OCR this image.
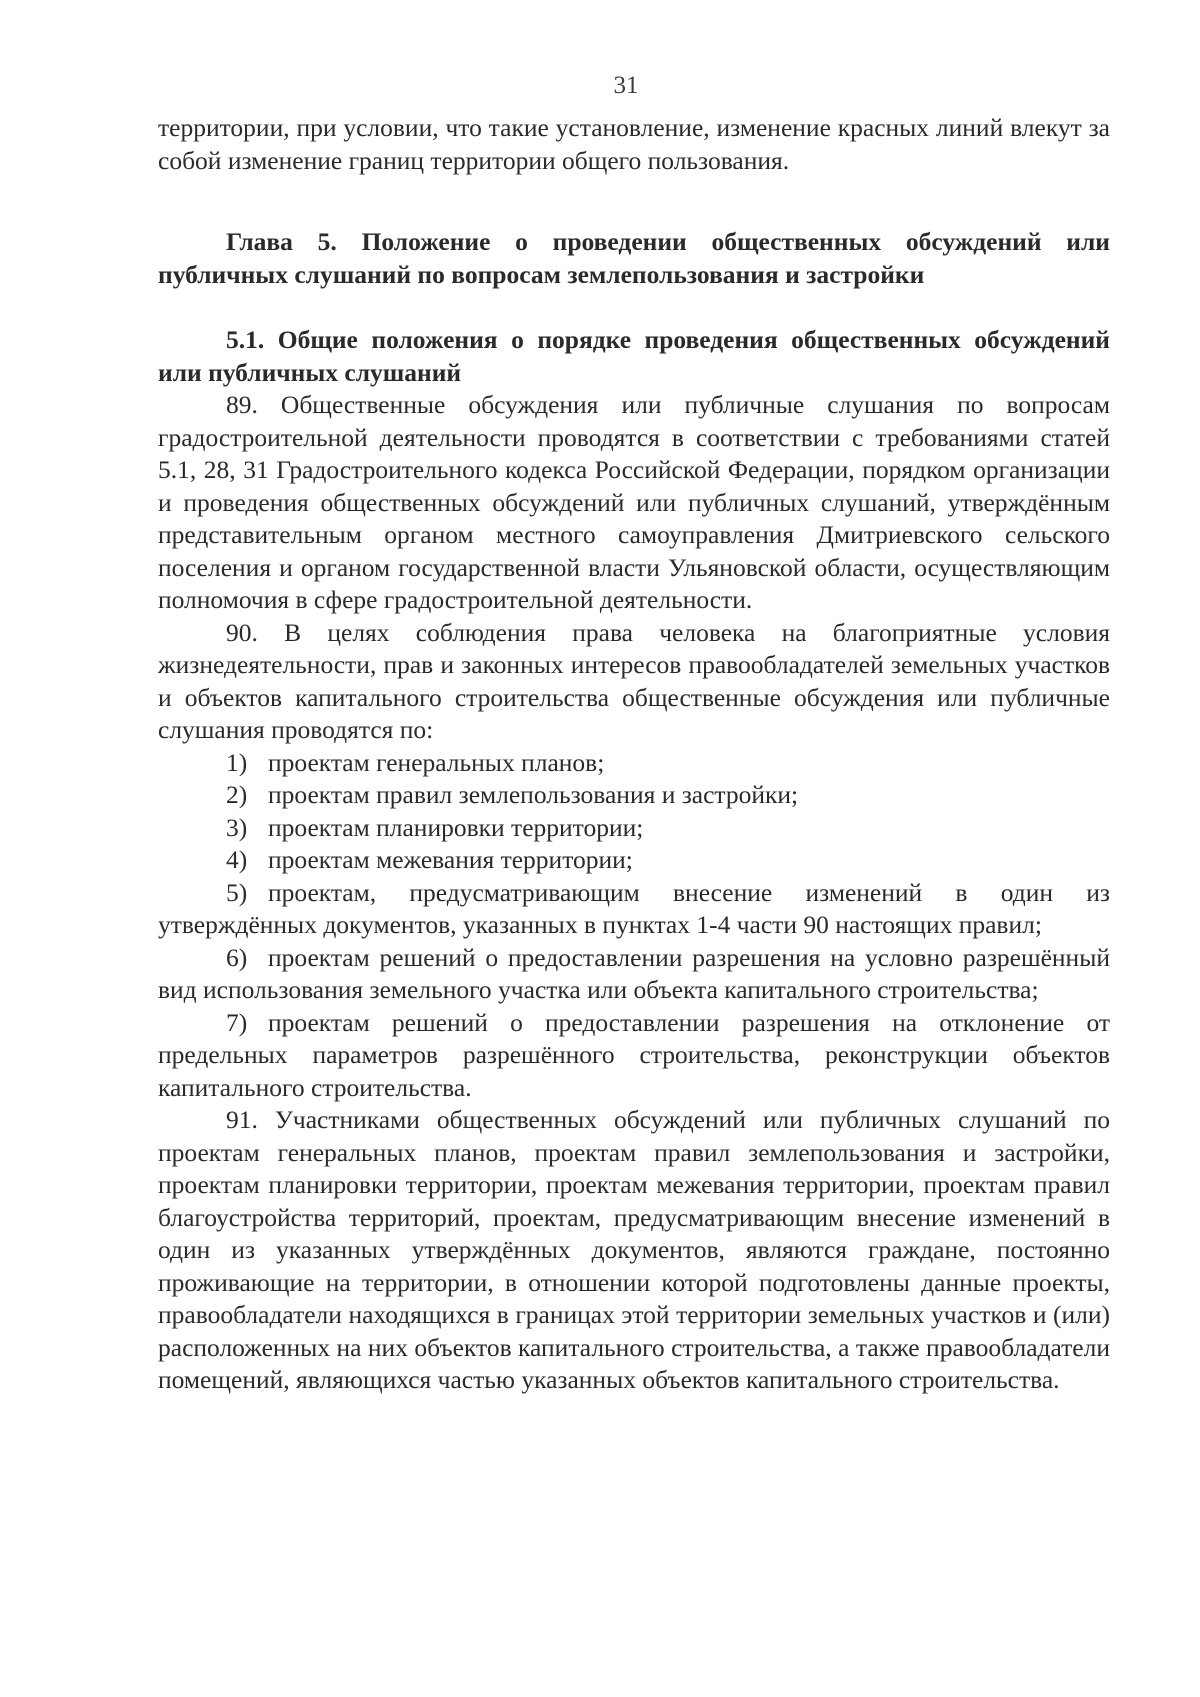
31

территории, при условии, что такие установление, изменение красных линий влекут за собой изменение границ территории общего пользования.

Глава 5. Положение о проведении общественных обсуждений или публичных слушаний по вопросам землепользования и застройки

5.1. Общие положения о порядке проведения общественных обсуждений или публичных слушаний

89. Общественные обсуждения или публичные слушания по вопросам градостроительной деятельности проводятся в соответствии с требованиями статей 5.1, 28, 31 Градостроительного кодекса Российской Федерации, порядком организации и проведения общественных обсуждений или публичных слушаний, утверждённым представительным органом местного самоуправления Дмитриевского сельского поселения и органом государственной власти Ульяновской области, осуществляющим полномочия в сфере градостроительной деятельности.

90. В целях соблюдения права человека на благоприятные условия жизнедеятельности, прав и законных интересов правообладателей земельных участков и объектов капитального строительства общественные обсуждения или публичные слушания проводятся по:

1) проектам генеральных планов;

2) проектам правил землепользования и застройки;

3) проектам планировки территории;

4) проектам межевания территории;

5) проектам, предусматривающим внесение изменений в один из утверждённых документов, указанных в пунктах 1-4 части 90 настоящих правил;

6) проектам решений о предоставлении разрешения на условно разрешённый вид использования земельного участка или объекта капитального строительства;

7) проектам решений о предоставлении разрешения на отклонение от предельных параметров разрешённого строительства, реконструкции объектов капитального строительства.

91. Участниками общественных обсуждений или публичных слушаний по проектам генеральных планов, проектам правил землепользования и застройки, проектам планировки территории, проектам межевания территории, проектам правил благоустройства территорий, проектам, предусматривающим внесение изменений в один из указанных утверждённых документов, являются граждане, постоянно проживающие на территории, в отношении которой подготовлены данные проекты, правообладатели находящихся в границах этой территории земельных участков и (или) расположенных на них объектов капитального строительства, а также правообладатели помещений, являющихся частью указанных объектов капитального строительства.
